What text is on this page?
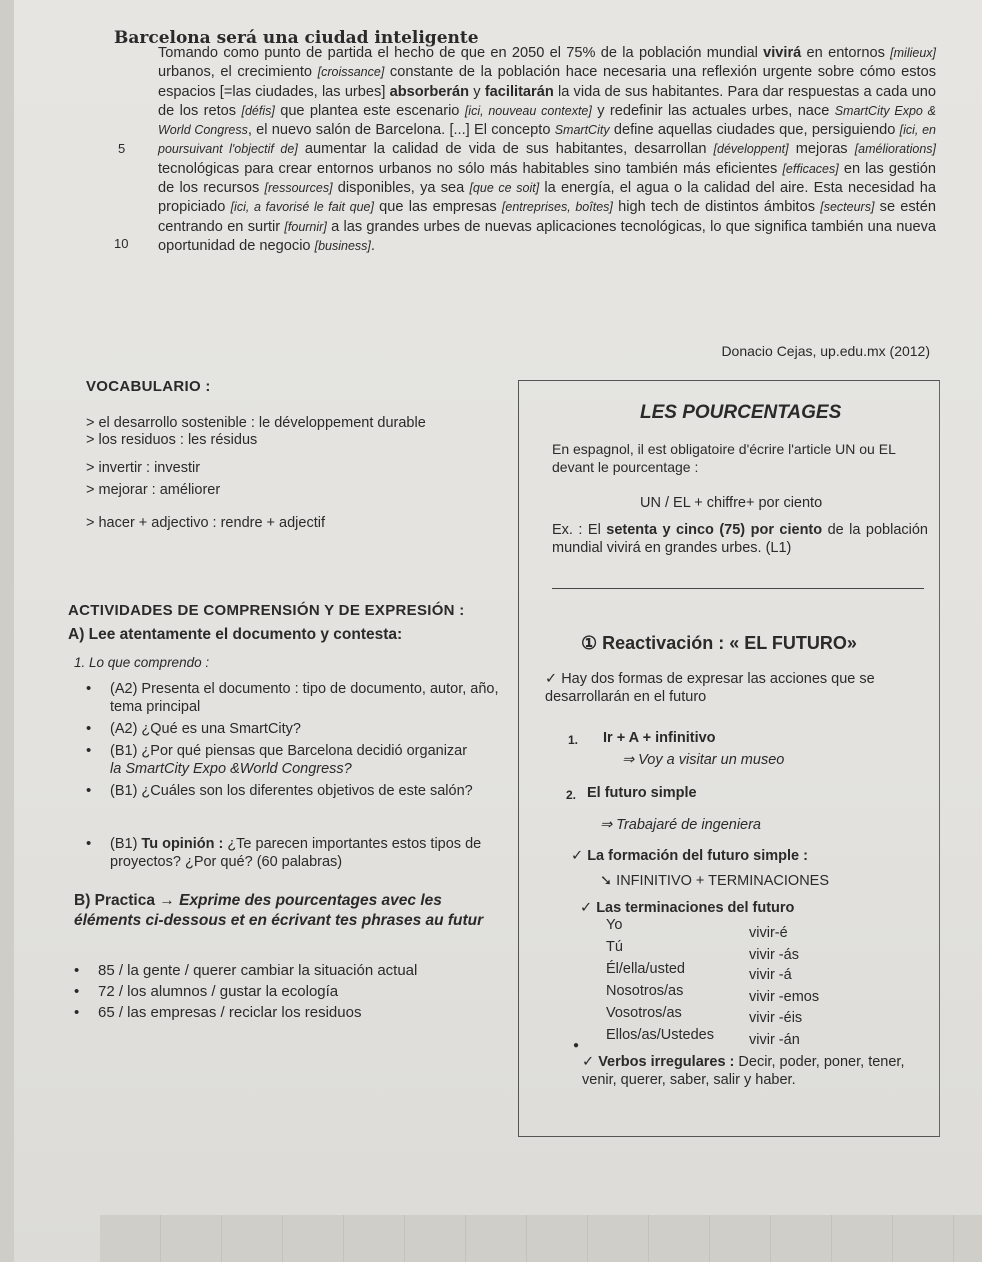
Barcelona será una ciudad inteligente
5
10
Tomando como punto de partida el hecho de que en 2050 el 75% de la población mundial vivirá en entornos [milieux] urbanos, el crecimiento [croissance] constante de la población hace necesaria una reflexión urgente sobre cómo estos espacios [=las ciudades, las urbes] absorberán y facilitarán la vida de sus habitantes. Para dar respuestas a cada uno de los retos [défis] que plantea este escenario [ici, nouveau contexte] y redefinir las actuales urbes, nace SmartCity Expo & World Congress, el nuevo salón de Barcelona. [...] El concepto SmartCity define aquellas ciudades que, persiguiendo [ici, en poursuivant l'objectif de] aumentar la calidad de vida de sus habitantes, desarrollan [développent] mejoras [améliorations] tecnológicas para crear entornos urbanos no sólo más habitables sino también más eficientes [efficaces] en las gestión de los recursos [ressources] disponibles, ya sea [que ce soit] la energía, el agua o la calidad del aire. Esta necesidad ha propiciado [ici, a favorisé le fait que] que las empresas [entreprises, boîtes] high tech de distintos ámbitos [secteurs] se estén centrando en surtir [fournir] a las grandes urbes de nuevas aplicaciones tecnológicas, lo que significa también una nueva oportunidad de negocio [business].
Donacio Cejas, up.edu.mx (2012)
VOCABULARIO :
> el desarrollo sostenible : le développement durable
> los residuos : les résidus
> invertir : investir
> mejorar : améliorer
> hacer + adjectivo : rendre + adjectif
ACTIVIDADES DE COMPRENSIÓN Y DE EXPRESIÓN :
A) Lee atentamente el documento y contesta:
1. Lo que comprendo :
• (A2) Presenta el documento : tipo de documento, autor, año, tema principal
• (A2) ¿Qué es una SmartCity?
• (B1) ¿Por qué piensas que Barcelona decidió organizar
la SmartCity Expo &World Congress?
• (B1) ¿Cuáles son los diferentes objetivos de este salón?
• (B1) Tu opinión : ¿Te parecen importantes estos tipos de proyectos? ¿Por qué? (60 palabras)
B) Practica → Exprime des pourcentages avec les éléments ci-dessous et en écrivant tes phrases au futur
• 85 / la gente / querer cambiar la situación actual
• 72 / los alumnos / gustar la ecología
• 65 / las empresas / reciclar los residuos
LES POURCENTAGES
En espagnol, il est obligatoire d'écrire l'article UN ou EL devant le pourcentage :
UN / EL + chiffre+ por ciento
Ex. : El setenta y cinco (75) por ciento de la población mundial vivirá en grandes urbes. (L1)
① Reactivación : « EL FUTURO»
✓ Hay dos formas de expresar las acciones que se desarrollarán en el futuro
1. Ir + A + infinitivo
⇒ Voy a visitar un museo
2. El futuro simple
⇒ Trabajaré de ingeniera
✓ La formación del futuro simple :
➘ INFINITIVO + TERMINACIONES
✓ Las terminaciones del futuro
Yo	vivir-é
Tú	vivir -ás
Él/ella/usted	vivir -á
Nosotros/as	vivir -emos
Vosotros/as	vivir -éis
Ellos/as/Ustedes	vivir -án
●
✓ Verbos irregulares : Decir, poder, poner, tener, venir, querer, saber, salir y haber.
